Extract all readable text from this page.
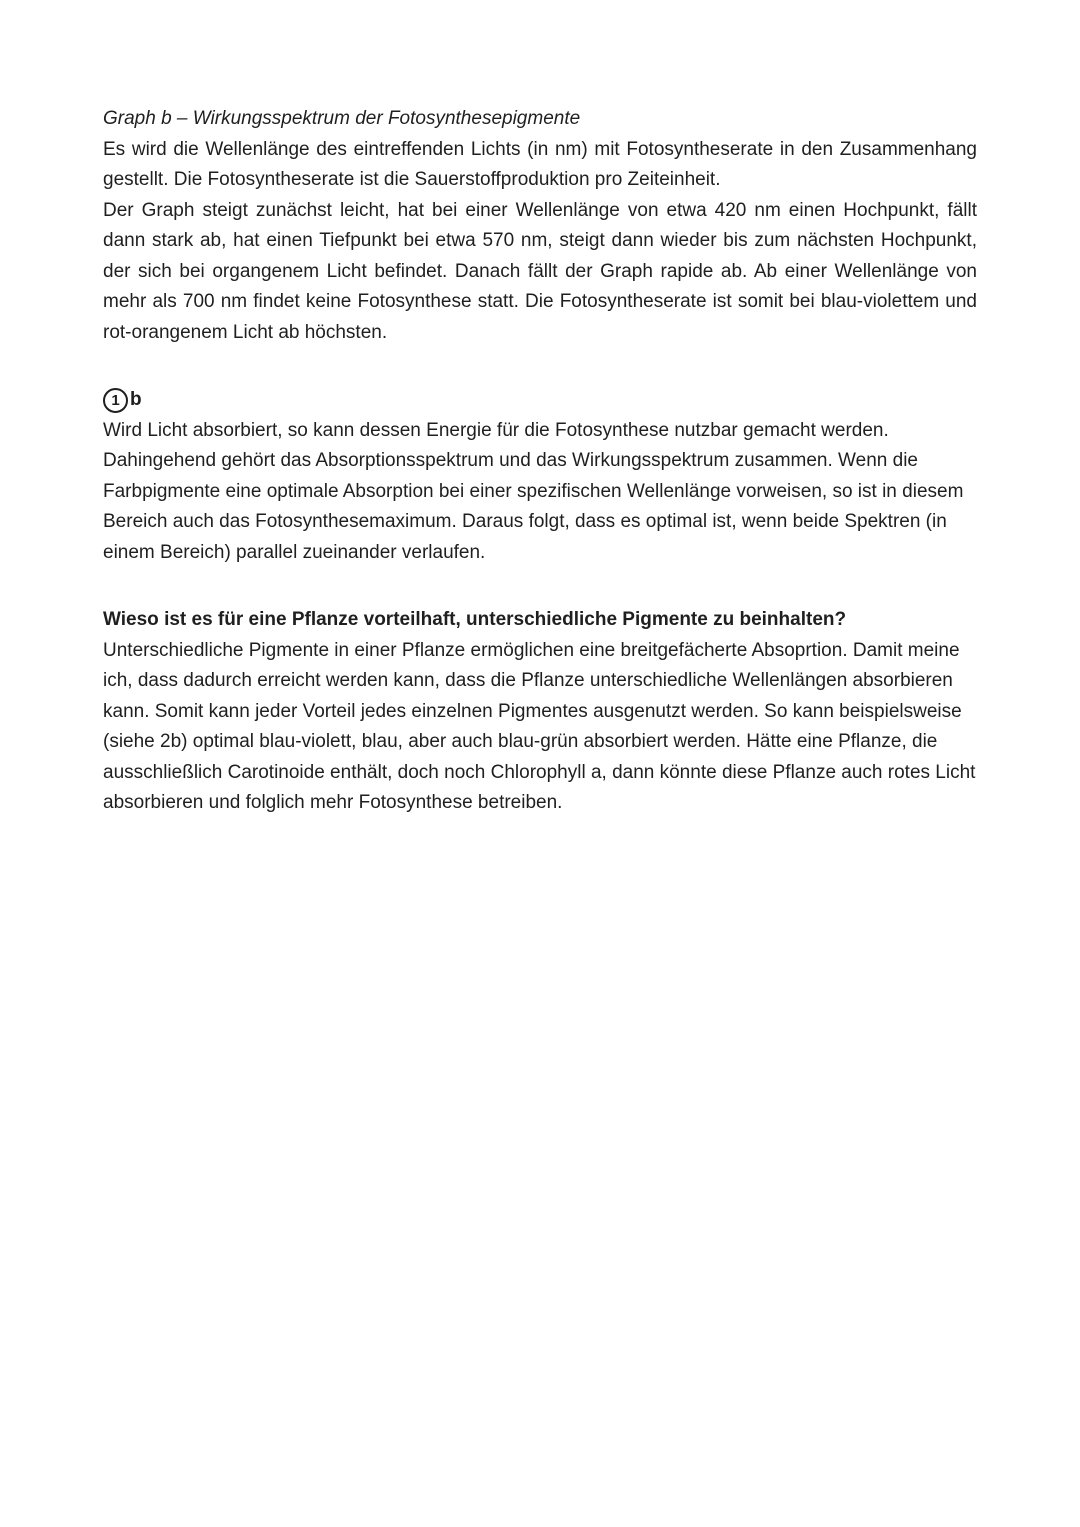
Graph b – Wirkungsspektrum der Fotosynthesepigmente

Es wird die Wellenlänge des eintreffenden Lichts (in nm) mit Fotosyntheserate in den Zusammenhang gestellt. Die Fotosyntheserate ist die Sauerstoffproduktion pro Zeiteinheit.

Der Graph steigt zunächst leicht, hat bei einer Wellenlänge von etwa 420 nm einen Hochpunkt, fällt dann stark ab, hat einen Tiefpunkt bei etwa 570 nm, steigt dann wieder bis zum nächsten Hochpunkt, der sich bei organgenem Licht befindet. Danach fällt der Graph rapide ab. Ab einer Wellenlänge von mehr als 700 nm findet keine Fotosynthese statt. Die Fotosyntheserate ist somit bei blau-violettem und rot-orangenem Licht ab höchsten.

1 b

Wird Licht absorbiert, so kann dessen Energie für die Fotosynthese nutzbar gemacht werden. Dahingehend gehört das Absorptionsspektrum und das Wirkungsspektrum zusammen. Wenn die Farbpigmente eine optimale Absorption bei einer spezifischen Wellenlänge vorweisen, so ist in diesem Bereich auch das Fotosynthesemaximum. Daraus folgt, dass es optimal ist, wenn beide Spektren (in einem Bereich) parallel zueinander verlaufen.

Wieso ist es für eine Pflanze vorteilhaft, unterschiedliche Pigmente zu beinhalten?

Unterschiedliche Pigmente in einer Pflanze ermöglichen eine breitgefächerte Absoprtion. Damit meine ich, dass dadurch erreicht werden kann, dass die Pflanze unterschiedliche Wellenlängen absorbieren kann. Somit kann jeder Vorteil jedes einzelnen Pigmentes ausgenutzt werden. So kann beispielsweise (siehe 2b) optimal blau-violett, blau, aber auch blau-grün absorbiert werden. Hätte eine Pflanze, die ausschließlich Carotinoide enthält, doch noch Chlorophyll a, dann könnte diese Pflanze auch rotes Licht absorbieren und folglich mehr Fotosynthese betreiben.
